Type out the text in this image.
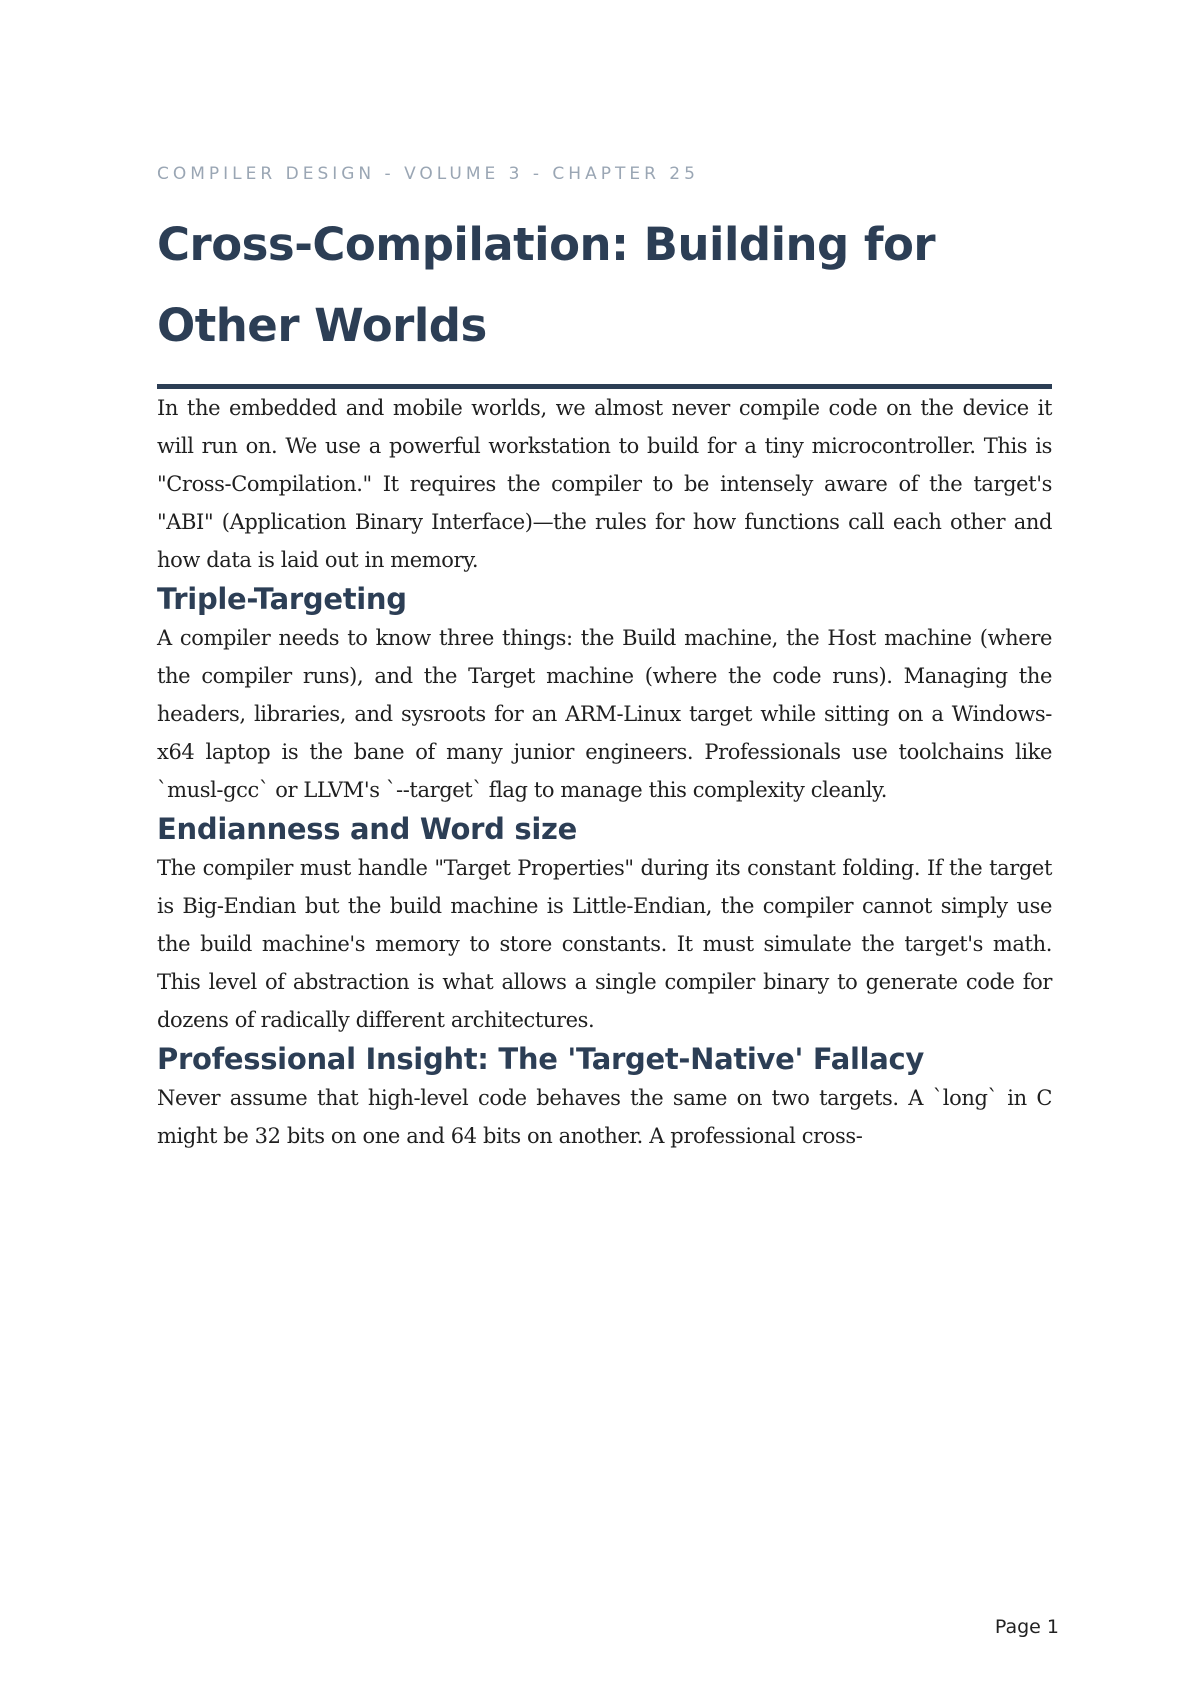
COMPILER DESIGN - VOLUME 3 - CHAPTER 25

Cross-Compilation: Building for Other Worlds

In the embedded and mobile worlds, we almost never compile code on the device it will run on. We use a powerful workstation to build for a tiny microcontroller. This is "Cross-Compilation." It requires the compiler to be intensely aware of the target's "ABI" (Application Binary Interface)—the rules for how functions call each other and how data is laid out in memory.

Triple-Targeting

A compiler needs to know three things: the Build machine, the Host machine (where the compiler runs), and the Target machine (where the code runs). Managing the headers, libraries, and sysroots for an ARM-Linux target while sitting on a Windows-x64 laptop is the bane of many junior engineers. Professionals use toolchains like `musl-gcc` or LLVM's `--target` flag to manage this complexity cleanly.

Endianness and Word size

The compiler must handle "Target Properties" during its constant folding. If the target is Big-Endian but the build machine is Little-Endian, the compiler cannot simply use the build machine's memory to store constants. It must simulate the target's math. This level of abstraction is what allows a single compiler binary to generate code for dozens of radically different architectures.

Professional Insight: The 'Target-Native' Fallacy

Never assume that high-level code behaves the same on two targets. A `long` in C might be 32 bits on one and 64 bits on another. A professional cross-

Page 1
